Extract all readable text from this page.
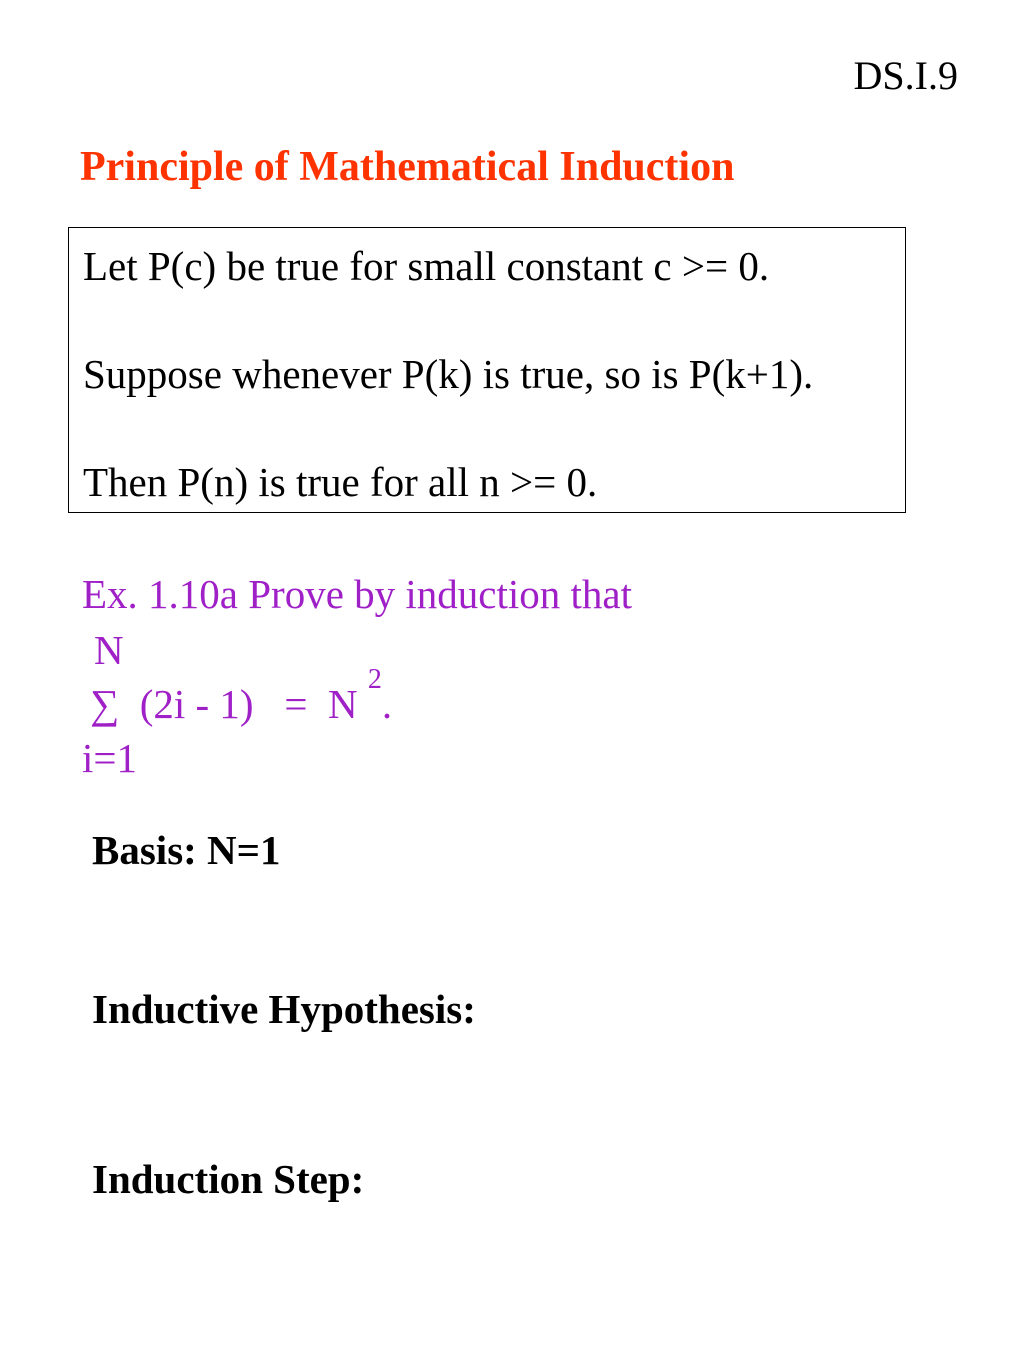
DS.I.9
Principle of Mathematical Induction
Let P(c) be true for small constant c >= 0.
Suppose whenever P(k) is true, so is P(k+1).
Then P(n) is true for all n >= 0.
Ex. 1.10a Prove by induction that
N
∑ (2i - 1) = N $^2$.
i=1
Basis: N=1
Inductive Hypothesis:
Induction Step:
